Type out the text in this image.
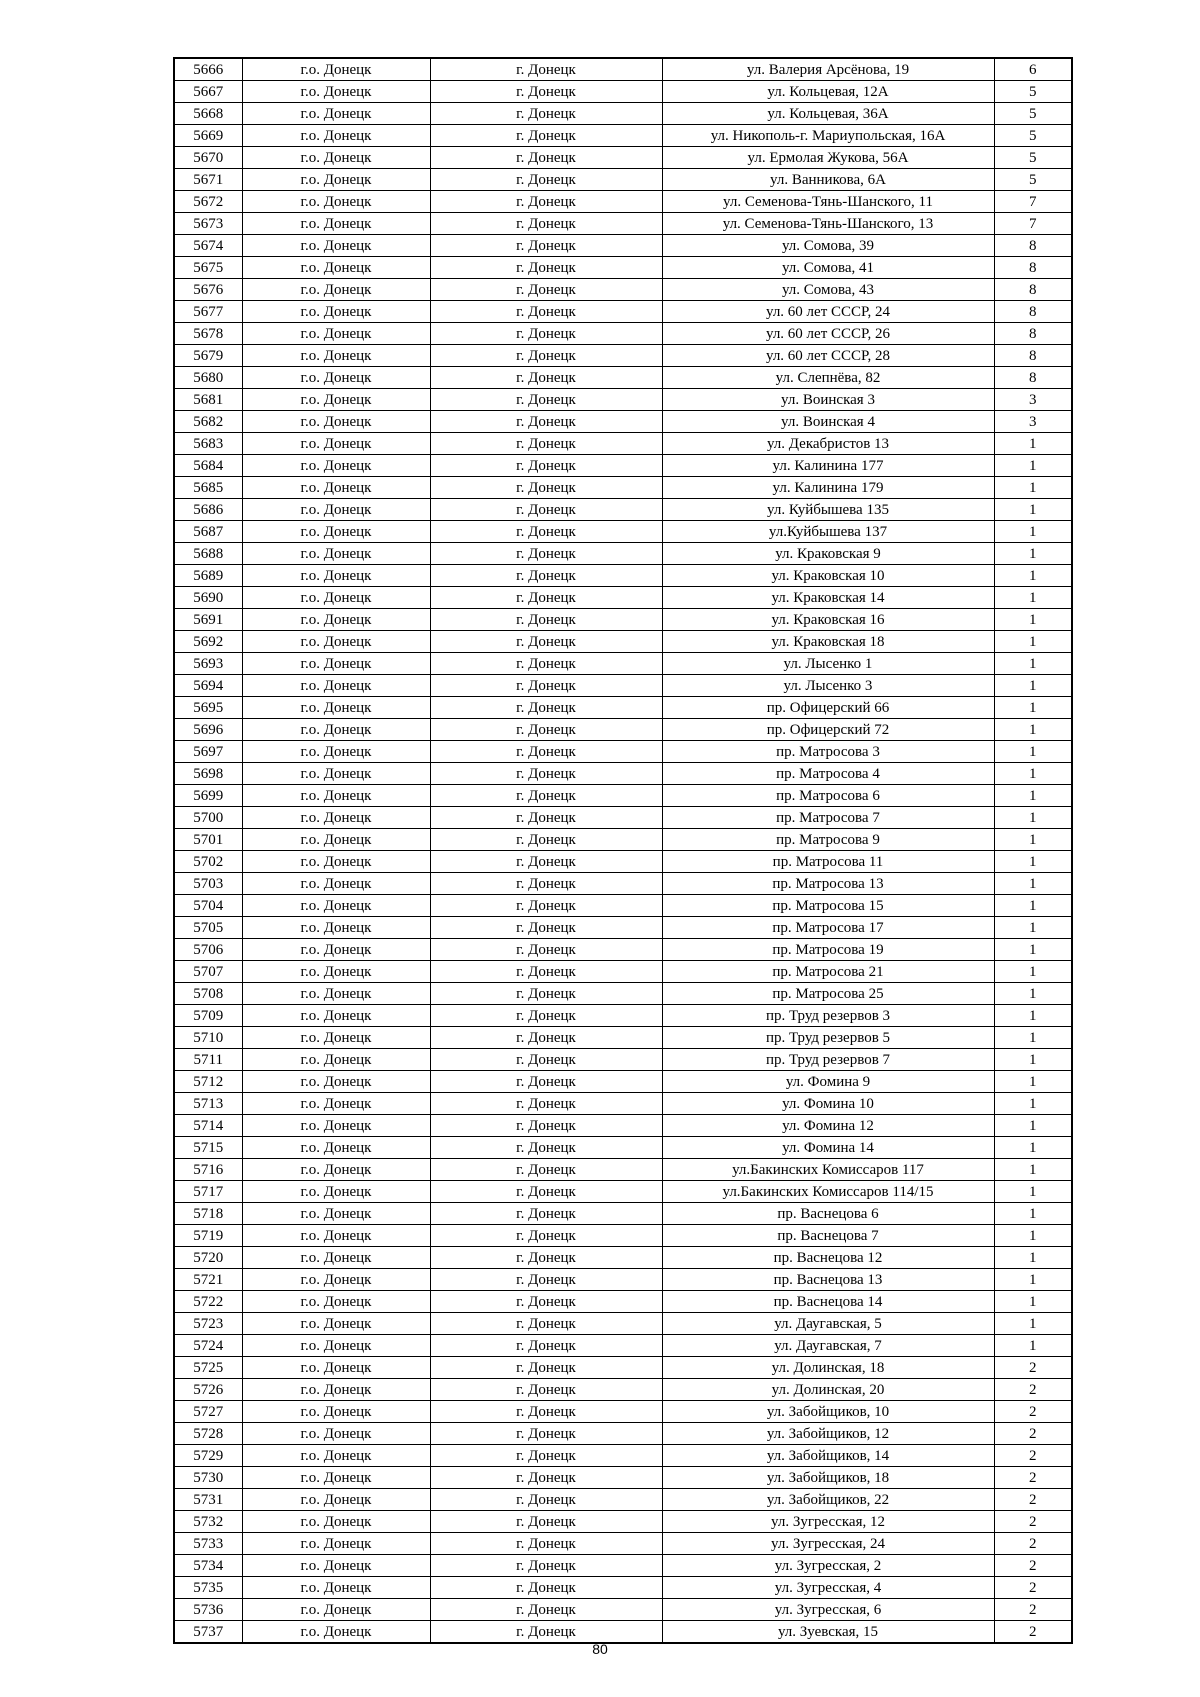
5666	г.о. Донецк	г. Донецк	ул. Валерия Арсёнова, 19	6
5667	г.о. Донецк	г. Донецк	ул. Кольцевая, 12А	5
5668	г.о. Донецк	г. Донецк	ул. Кольцевая, 36А	5
5669	г.о. Донецк	г. Донецк	ул. Никополь-г. Мариупольская, 16А	5
5670	г.о. Донецк	г. Донецк	ул. Ермолая Жукова, 56А	5
5671	г.о. Донецк	г. Донецк	ул. Ванникова, 6А	5
5672	г.о. Донецк	г. Донецк	ул. Семенова-Тянь-Шанского, 11	7
5673	г.о. Донецк	г. Донецк	ул. Семенова-Тянь-Шанского, 13	7
5674	г.о. Донецк	г. Донецк	ул. Сомова, 39	8
5675	г.о. Донецк	г. Донецк	ул. Сомова, 41	8
5676	г.о. Донецк	г. Донецк	ул. Сомова, 43	8
5677	г.о. Донецк	г. Донецк	ул. 60 лет СССР, 24	8
5678	г.о. Донецк	г. Донецк	ул. 60 лет СССР, 26	8
5679	г.о. Донецк	г. Донецк	ул. 60 лет СССР, 28	8
5680	г.о. Донецк	г. Донецк	ул. Слепнёва, 82	8
5681	г.о. Донецк	г. Донецк	ул. Воинская 3	3
5682	г.о. Донецк	г. Донецк	ул. Воинская 4	3
5683	г.о. Донецк	г. Донецк	ул. Декабристов 13	1
5684	г.о. Донецк	г. Донецк	ул. Калинина 177	1
5685	г.о. Донецк	г. Донецк	ул. Калинина 179	1
5686	г.о. Донецк	г. Донецк	ул. Куйбышева 135	1
5687	г.о. Донецк	г. Донецк	ул.Куйбышева 137	1
5688	г.о. Донецк	г. Донецк	ул. Краковская 9	1
5689	г.о. Донецк	г. Донецк	ул. Краковская 10	1
5690	г.о. Донецк	г. Донецк	ул. Краковская 14	1
5691	г.о. Донецк	г. Донецк	ул. Краковская 16	1
5692	г.о. Донецк	г. Донецк	ул. Краковская 18	1
5693	г.о. Донецк	г. Донецк	ул. Лысенко 1	1
5694	г.о. Донецк	г. Донецк	ул. Лысенко 3	1
5695	г.о. Донецк	г. Донецк	пр. Офицерский 66	1
5696	г.о. Донецк	г. Донецк	пр. Офицерский 72	1
5697	г.о. Донецк	г. Донецк	пр. Матросова 3	1
5698	г.о. Донецк	г. Донецк	пр. Матросова 4	1
5699	г.о. Донецк	г. Донецк	пр. Матросова 6	1
5700	г.о. Донецк	г. Донецк	пр. Матросова 7	1
5701	г.о. Донецк	г. Донецк	пр. Матросова 9	1
5702	г.о. Донецк	г. Донецк	пр. Матросова 11	1
5703	г.о. Донецк	г. Донецк	пр. Матросова 13	1
5704	г.о. Донецк	г. Донецк	пр. Матросова 15	1
5705	г.о. Донецк	г. Донецк	пр. Матросова 17	1
5706	г.о. Донецк	г. Донецк	пр. Матросова 19	1
5707	г.о. Донецк	г. Донецк	пр. Матросова 21	1
5708	г.о. Донецк	г. Донецк	пр. Матросова 25	1
5709	г.о. Донецк	г. Донецк	пр. Труд резервов 3	1
5710	г.о. Донецк	г. Донецк	пр. Труд резервов 5	1
5711	г.о. Донецк	г. Донецк	пр. Труд резервов 7	1
5712	г.о. Донецк	г. Донецк	ул. Фомина 9	1
5713	г.о. Донецк	г. Донецк	ул. Фомина 10	1
5714	г.о. Донецк	г. Донецк	ул. Фомина 12	1
5715	г.о. Донецк	г. Донецк	ул. Фомина 14	1
5716	г.о. Донецк	г. Донецк	ул.Бакинских Комиссаров 117	1
5717	г.о. Донецк	г. Донецк	ул.Бакинских Комиссаров 114/15	1
5718	г.о. Донецк	г. Донецк	пр. Васнецова 6	1
5719	г.о. Донецк	г. Донецк	пр. Васнецова 7	1
5720	г.о. Донецк	г. Донецк	пр. Васнецова 12	1
5721	г.о. Донецк	г. Донецк	пр. Васнецова 13	1
5722	г.о. Донецк	г. Донецк	пр. Васнецова 14	1
5723	г.о. Донецк	г. Донецк	ул. Даугавская, 5	1
5724	г.о. Донецк	г. Донецк	ул. Даугавская, 7	1
5725	г.о. Донецк	г. Донецк	ул. Долинская, 18	2
5726	г.о. Донецк	г. Донецк	ул. Долинская, 20	2
5727	г.о. Донецк	г. Донецк	ул. Забойщиков, 10	2
5728	г.о. Донецк	г. Донецк	ул. Забойщиков, 12	2
5729	г.о. Донецк	г. Донецк	ул. Забойщиков, 14	2
5730	г.о. Донецк	г. Донецк	ул. Забойщиков, 18	2
5731	г.о. Донецк	г. Донецк	ул. Забойщиков, 22	2
5732	г.о. Донецк	г. Донецк	ул. Зугресская, 12	2
5733	г.о. Донецк	г. Донецк	ул. Зугресская, 24	2
5734	г.о. Донецк	г. Донецк	ул. Зугресская, 2	2
5735	г.о. Донецк	г. Донецк	ул. Зугресская, 4	2
5736	г.о. Донецк	г. Донецк	ул. Зугресская, 6	2
5737	г.о. Донецк	г. Донецк	ул. Зуевская, 15	2
80
